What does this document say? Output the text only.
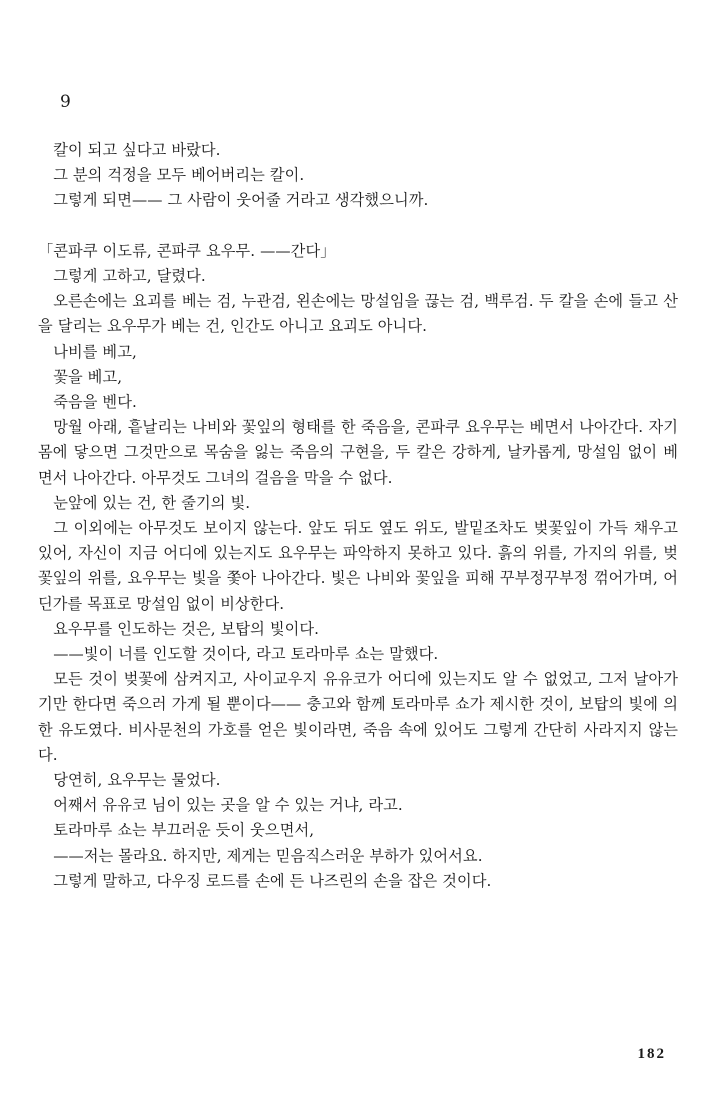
9

칼이 되고 싶다고 바랐다.

그 분의 걱정을 모두 베어버리는 칼이.

그렇게 되면—— 그 사람이 웃어줄 거라고 생각했으니까.

「콘파쿠 이도류, 콘파쿠 요우무. ——간다」

그렇게 고하고, 달렸다.

오른손에는 요괴를 베는 검, 누관검, 왼손에는 망설임을 끊는 검, 백루검. 두 칼을 손에 들고 산을 달리는 요우무가 베는 건, 인간도 아니고 요괴도 아니다.

나비를 베고,

꽃을 베고,

죽음을 벤다.

망월 아래, 흩날리는 나비와 꽃잎의 형태를 한 죽음을, 콘파쿠 요우무는 베면서 나아간다. 자기 몸에 닿으면 그것만으로 목숨을 잃는 죽음의 구현을, 두 칼은 강하게, 날카롭게, 망설임 없이 베면서 나아간다. 아무것도 그녀의 걸음을 막을 수 없다.

눈앞에 있는 건, 한 줄기의 빛.

그 이외에는 아무것도 보이지 않는다. 앞도 뒤도 옆도 위도, 발밑조차도 벚꽃잎이 가득 채우고 있어, 자신이 지금 어디에 있는지도 요우무는 파악하지 못하고 있다. 흙의 위를, 가지의 위를, 벚꽃잎의 위를, 요우무는 빛을 쫓아 나아간다. 빛은 나비와 꽃잎을 피해 꾸부정꾸부정 꺾어가며, 어딘가를 목표로 망설임 없이 비상한다.

요우무를 인도하는 것은, 보탑의 빛이다.

——빛이 너를 인도할 것이다, 라고 토라마루 쇼는 말했다.

모든 것이 벚꽃에 삼켜지고, 사이교우지 유유코가 어디에 있는지도 알 수 없었고, 그저 날아가기만 한다면 죽으러 가게 될 뿐이다—— 충고와 함께 토라마루 쇼가 제시한 것이, 보탑의 빛에 의한 유도였다. 비사문천의 가호를 얻은 빛이라면, 죽음 속에 있어도 그렇게 간단히 사라지지 않는다.

당연히, 요우무는 물었다.

어째서 유유코 님이 있는 곳을 알 수 있는 거냐, 라고.

토라마루 쇼는 부끄러운 듯이 웃으면서,

——저는 몰라요. 하지만, 제게는 믿음직스러운 부하가 있어서요.

그렇게 말하고, 다우징 로드를 손에 든 나즈린의 손을 잡은 것이다.

182
